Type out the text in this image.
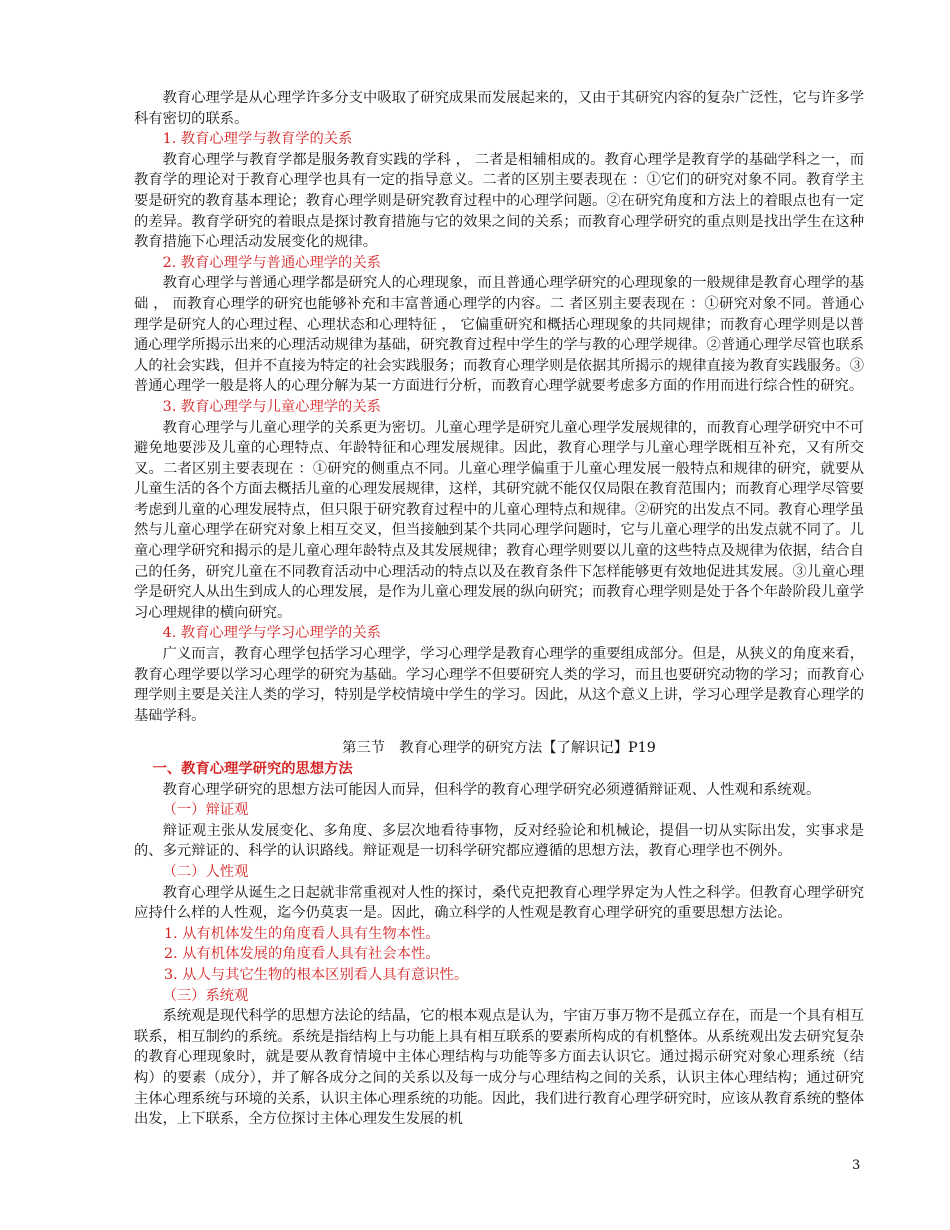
教育心理学是从心理学许多分支中吸取了研究成果而发展起来的，又由于其研究内容的复杂广泛性，它与许多学科有密切的联系。

1. 教育心理学与教育学的关系

教育心理学与教育学都是服务教育实践的学科 ， 二者是相辅相成的。教育心理学是教育学的基础学科之一，而教育学的理论对于教育心理学也具有一定的指导意义。二者的区别主要表现在 ：①它们的研究对象不同。教育学主要是研究的教育基本理论；教育心理学则是研究教育过程中的心理学问题。②在研究角度和方法上的着眼点也有一定的差异。教育学研究的着眼点是探讨教育措施与它的效果之间的关系；而教育心理学研究的重点则是找出学生在这种教育措施下心理活动发展变化的规律。

2. 教育心理学与普通心理学的关系

教育心理学与普通心理学都是研究人的心理现象，而且普通心理学研究的心理现象的一般规律是教育心理学的基础 ， 而教育心理学的研究也能够补充和丰富普通心理学的内容。二 者区别主要表现在 ：①研究对象不同。普通心理学是研究人的心理过程、心理状态和心理特征 ， 它偏重研究和概括心理现象的共同规律；而教育心理学则是以普通心理学所揭示出来的心理活动规律为基础，研究教育过程中学生的学与教的心理学规律。②普通心理学尽管也联系人的社会实践，但并不直接为特定的社会实践服务；而教育心理学则是依据其所揭示的规律直接为教育实践服务。③普通心理学一般是将人的心理分解为某一方面进行分析，而教育心理学就要考虑多方面的作用而进行综合性的研究。

3. 教育心理学与儿童心理学的关系

教育心理学与儿童心理学的关系更为密切。儿童心理学是研究儿童心理学发展规律的，而教育心理学研究中不可避免地要涉及儿童的心理特点、年龄特征和心理发展规律。因此，教育心理学与儿童心理学既相互补充，又有所交叉。二者区别主要表现在 ：①研究的侧重点不同。儿童心理学偏重于儿童心理发展一般特点和规律的研究，就要从儿童生活的各个方面去概括儿童的心理发展规律，这样，其研究就不能仅仅局限在教育范围内；而教育心理学尽管要考虑到儿童的心理发展特点，但只限于研究教育过程中的儿童心理特点和规律。②研究的出发点不同。教育心理学虽然与儿童心理学在研究对象上相互交叉，但当接触到某个共同心理学问题时，它与儿童心理学的出发点就不同了。儿童心理学研究和揭示的是儿童心理年龄特点及其发展规律；教育心理学则要以儿童的这些特点及规律为依据，结合自己的任务，研究儿童在不同教育活动中心理活动的特点以及在教育条件下怎样能够更有效地促进其发展。③儿童心理学是研究人从出生到成人的心理发展，是作为儿童心理发展的纵向研究；而教育心理学则是处于各个年龄阶段儿童学习心理规律的横向研究。

4. 教育心理学与学习心理学的关系

广义而言，教育心理学包括学习心理学，学习心理学是教育心理学的重要组成部分。但是，从狭义的角度来看，教育心理学要以学习心理学的研究为基础。学习心理学不但要研究人类的学习，而且也要研究动物的学习；而教育心理学则主要是关注人类的学习，特别是学校情境中学生的学习。因此，从这个意义上讲，学习心理学是教育心理学的基础学科。

第三节　教育心理学的研究方法【了解识记】P19

一、教育心理学研究的思想方法

教育心理学研究的思想方法可能因人而异，但科学的教育心理学研究必须遵循辩证观、人性观和系统观。

（一）辩证观

辩证观主张从发展变化、多角度、多层次地看待事物，反对经验论和机械论，提倡一切从实际出发，实事求是的、多元辩证的、科学的认识路线。辩证观是一切科学研究都应遵循的思想方法，教育心理学也不例外。

（二）人性观

教育心理学从诞生之日起就非常重视对人性的探讨，桑代克把教育心理学界定为人性之科学。但教育心理学研究应持什么样的人性观，迄今仍莫衷一是。因此，确立科学的人性观是教育心理学研究的重要思想方法论。

1. 从有机体发生的角度看人具有生物本性。

2. 从有机体发展的角度看人具有社会本性。

3. 从人与其它生物的根本区别看人具有意识性。

（三）系统观

系统观是现代科学的思想方法论的结晶，它的根本观点是认为，宇宙万事万物不是孤立存在，而是一个具有相互联系，相互制约的系统。系统是指结构上与功能上具有相互联系的要素所构成的有机整体。从系统观出发去研究复杂的教育心理现象时，就是要从教育情境中主体心理结构与功能等多方面去认识它。通过揭示研究对象心理系统（结构）的要素（成分），并了解各成分之间的关系以及每一成分与心理结构之间的关系，认识主体心理结构；通过研究主体心理系统与环境的关系，认识主体心理系统的功能。因此，我们进行教育心理学研究时，应该从教育系统的整体出发，上下联系，全方位探讨主体心理发生发展的机

3
